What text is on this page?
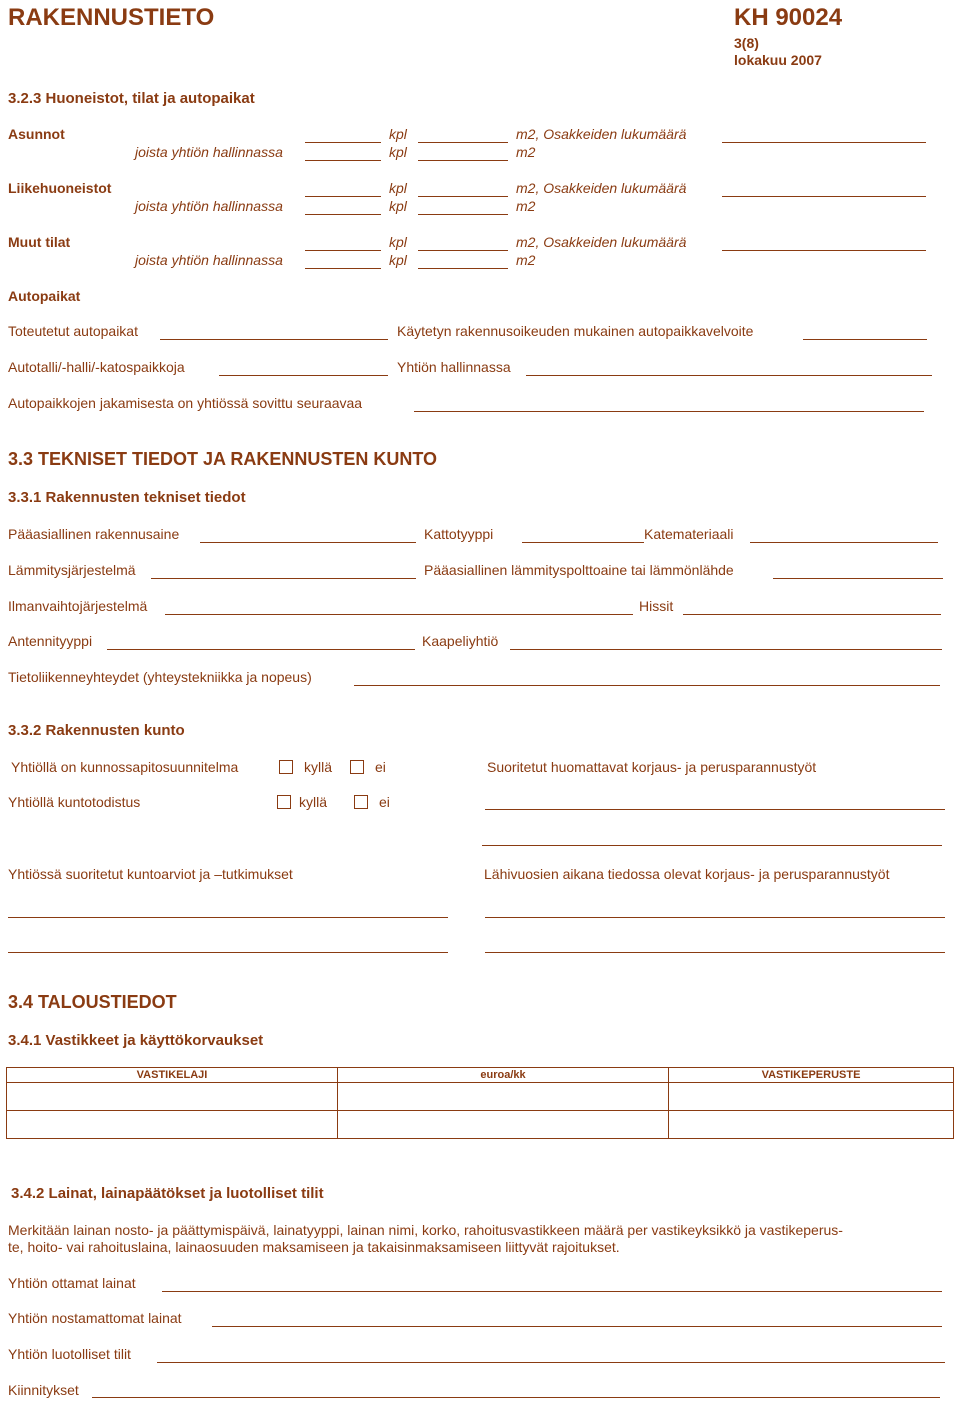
RAKENNUSTIETO	KH 90024
3(8)
lokakuu 2007
3.2.3 Huoneistot, tilat ja autopaikat
Asunnot	kpl	m2, Osakkeiden lukumäärä
joista yhtiön hallinnassa	kpl	m2
Liikehuoneistot	kpl	m2, Osakkeiden lukumäärä
joista yhtiön hallinnassa	kpl	m2
Muut tilat	kpl	m2, Osakkeiden lukumäärä
joista yhtiön hallinnassa	kpl	m2
Autopaikat
Toteutetut autopaikat	Käytetyn rakennusoikeuden mukainen autopaikkavelvoite
Autotalli/-halli/-katospaikkoja	Yhtiön hallinnassa
Autopaikkojen jakamisesta on yhtiössä sovittu seuraavaa
3.3 TEKNISET TIEDOT JA RAKENNUSTEN KUNTO
3.3.1 Rakennusten tekniset tiedot
Pääasiallinen rakennusaine	Kattotyyppi	Katemateriaali
Lämmitysjärjestelmä	Pääasiallinen lämmityspolttoaine tai lämmönlähde
Ilmanvaihtojärjestelmä	Hissit
Antennityyppi	Kaapeliyhtiö
Tietoliikenneyhteydet (yhteystekniikka ja nopeus)
3.3.2 Rakennusten kunto
Yhtiöllä on kunnossapitosuunnitelma	kyllä	ei	Suoritetut huomattavat korjaus- ja perusparannustyöt
Yhtiöllä kuntotodistus	kyllä	ei
Yhtiössä suoritetut kuntoarviot ja –tutkimukset	Lähivuosien aikana tiedossa olevat korjaus- ja perusparannustyöt
3.4 TALOUSTIEDOT
3.4.1 Vastikkeet ja käyttökorvaukset
VASTIKELAJI	euroa/kk	VASTIKEPERUSTE

3.4.2 Lainat, lainapäätökset ja luotolliset tilit
Merkitään lainan nosto- ja päättymispäivä, lainatyyppi, lainan nimi, korko, rahoitusvastikkeen määrä per vastikeyksikkö ja vastikeperus-
te, hoito- vai rahoituslaina, lainaosuuden maksamiseen ja takaisinmaksamiseen liittyvät rajoitukset.
Yhtiön ottamat lainat
Yhtiön nostamattomat lainat
Yhtiön luotolliset tilit
Kiinnitykset
